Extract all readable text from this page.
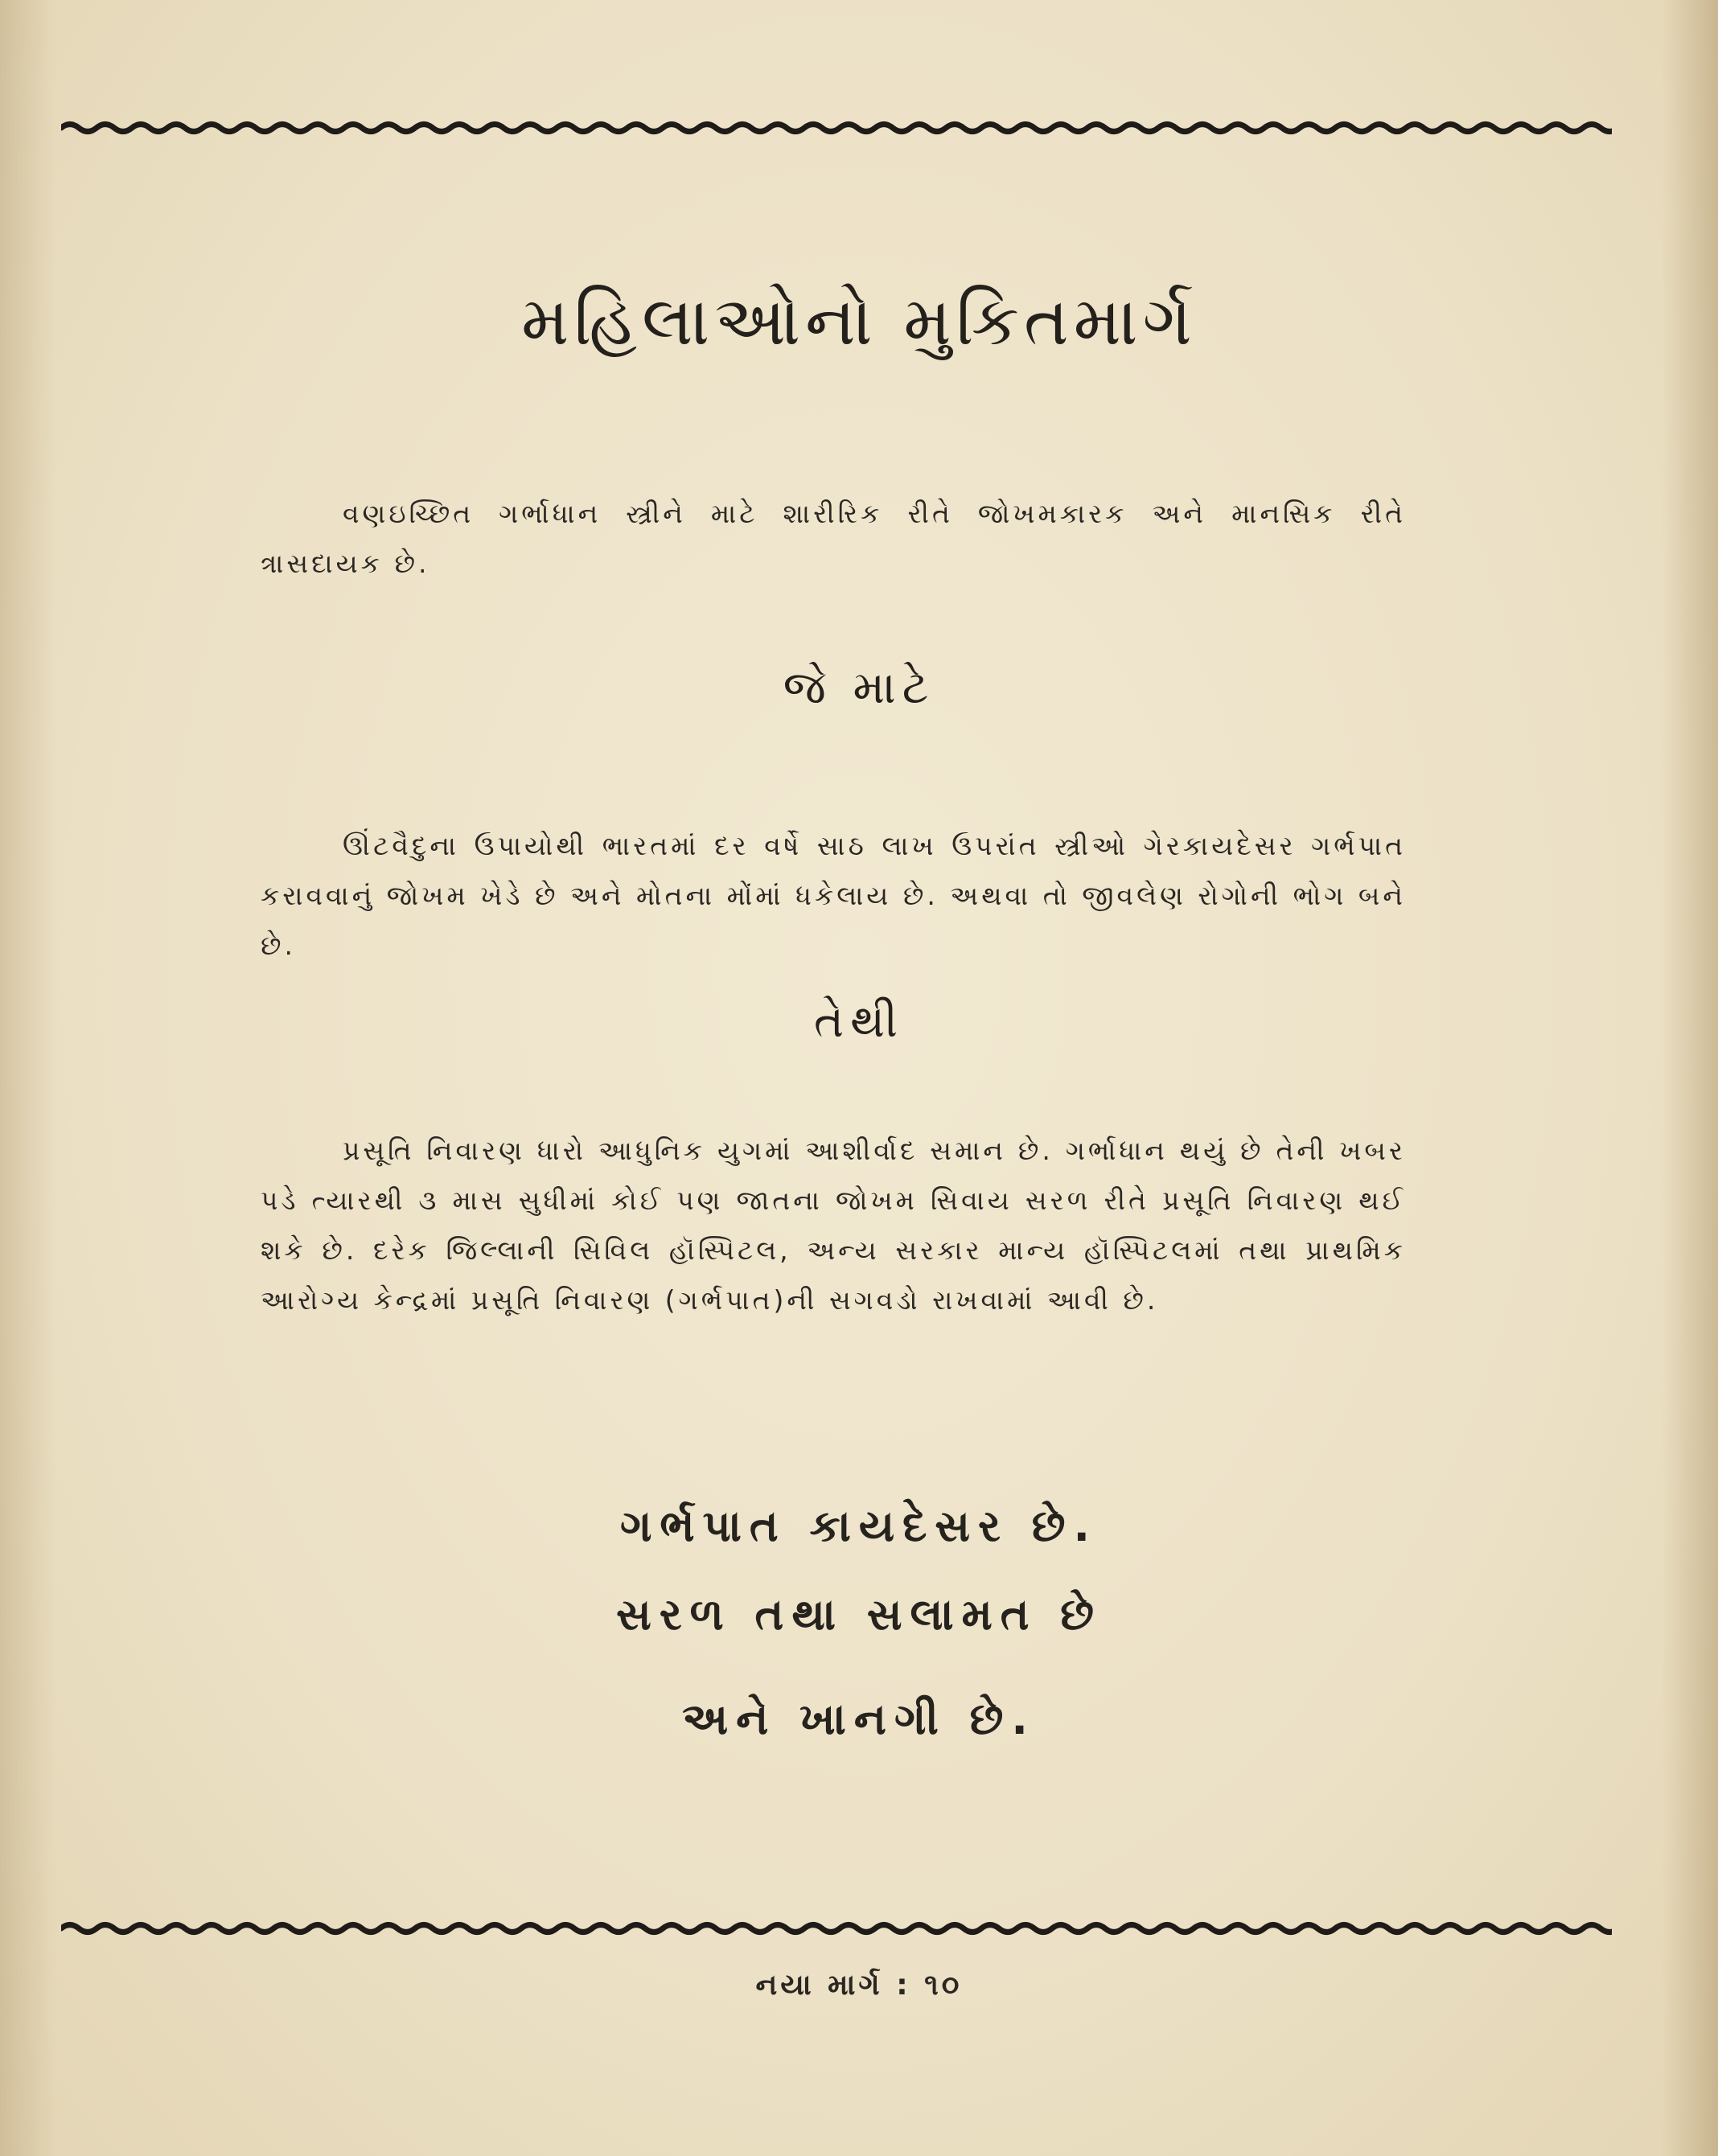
મહિલાઓનો મુકિતમાર્ગ

વણઇચ્છિત ગર્ભાધાન સ્ત્રીને માટે શારીરિક રીતે જોખમકારક અને માનસિક રીતે ત્રાસદાયક છે.

જે માટે

ઊંટવૈદુના ઉપાયોથી ભારતમાં દર વર્ષે સાઠ લાખ ઉપરાંત સ્ત્રીઓ ગેરકાયદેસર ગર્ભપાત કરાવવાનું જોખમ ખેડે છે અને મોતના મોંમાં ધકેલાય છે. અથવા તો જીવલેણ રોગોની ભોગ બને છે.

તેથી

પ્રસૂતિ નિવારણ ધારો આધુનિક યુગમાં આશીર્વાદ સમાન છે. ગર્ભાધાન થયું છે તેની ખબર પડે ત્યારથી ૩ માસ સુધીમાં કોઈ પણ જાતના જોખમ સિવાય સરળ રીતે પ્રસૂતિ નિવારણ થઈ શકે છે. દરેક જિલ્લાની સિવિલ હૉસ્પિટલ, અન્ય સરકાર માન્ય હૉસ્પિટલમાં તથા પ્રાથમિક આરોગ્ય કેન્દ્રમાં પ્રસૂતિ નિવારણ (ગર્ભપાત)ની સગવડો રાખવામાં આવી છે.

ગર્ભપાત કાયદેસર છે.
સરળ તથા સલામત છે
અને ખાનગી છે.
નયા માર્ગ : ૧૦
